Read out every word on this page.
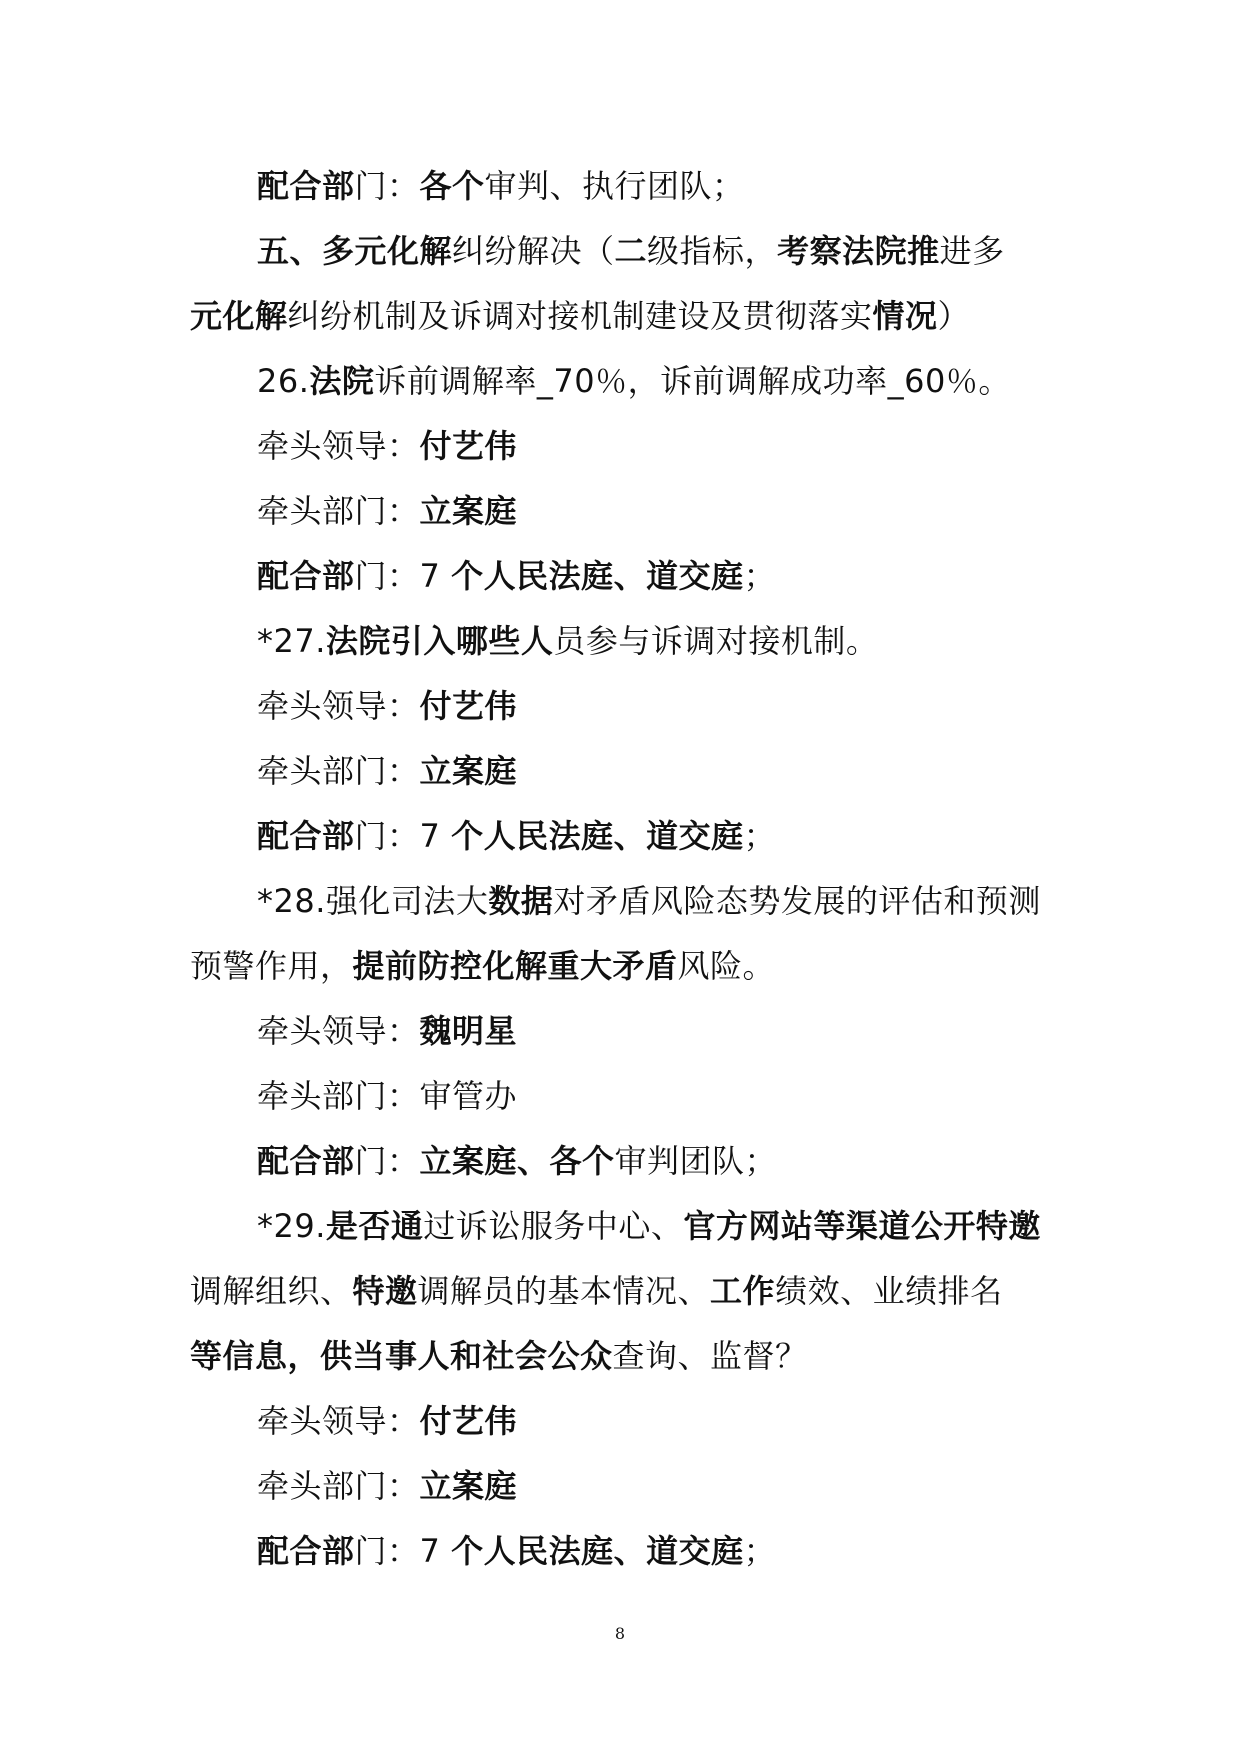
配合部门：各个审判、执行团队；
五、多元化解纠纷解决（二级指标，考察法院推进多
元化解纠纷机制及诉调对接机制建设及贯彻落实情况）
26.法院诉前调解率_70％，诉前调解成功率_60％。
牵头领导：付艺伟
牵头部门：立案庭
配合部门：7 个人民法庭、道交庭；
*27.法院引入哪些人员参与诉调对接机制。
牵头领导：付艺伟
牵头部门：立案庭
配合部门：7 个人民法庭、道交庭；
*28.强化司法大数据对矛盾风险态势发展的评估和预测
预警作用，提前防控化解重大矛盾风险。
牵头领导：魏明星
牵头部门：审管办
配合部门：立案庭、各个审判团队；
*29.是否通过诉讼服务中心、官方网站等渠道公开特邀
调解组织、特邀调解员的基本情况、工作绩效、业绩排名
等信息，供当事人和社会公众查询、监督？
牵头领导：付艺伟
牵头部门：立案庭
配合部门：7 个人民法庭、道交庭；
8
